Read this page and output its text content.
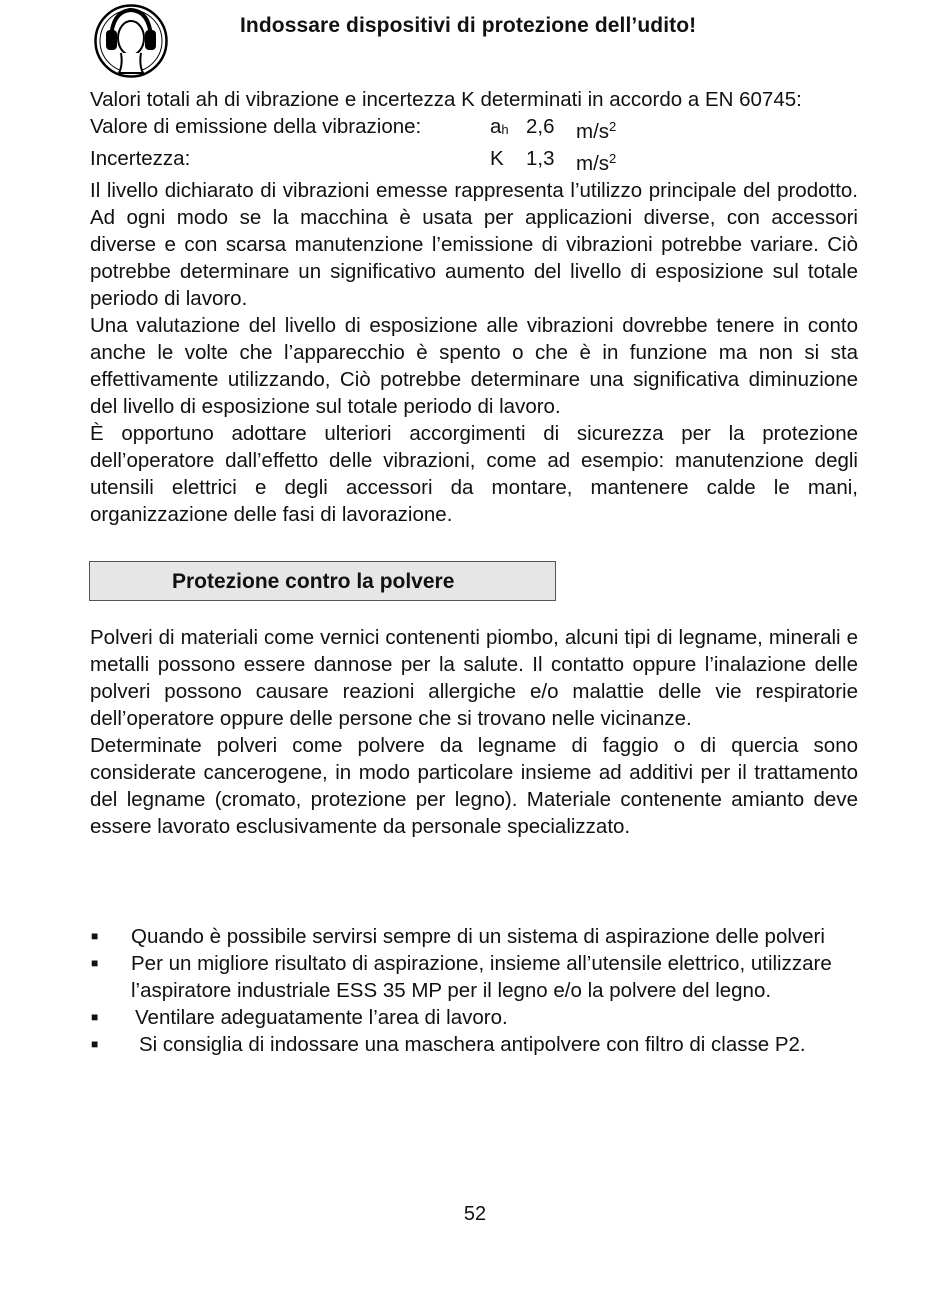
Indossare dispositivi di protezione dell’udito!

Valori totali ah di vibrazione e incertezza K determinati in accordo a EN 60745:

Valore di emissione della vibrazione:	$a_h$ 2,6	$m/s^2$
Incertezza:	K	1,3	$m/s^2$

Il livello dichiarato di vibrazioni emesse rappresenta l’utilizzo principale del prodotto. Ad ogni modo se la macchina è usata per applicazioni diverse, con accessori diverse e con scarsa manutenzione l’emissione di vibrazioni potrebbe variare. Ciò potrebbe determinare un significativo aumento del livello di esposizione sul totale periodo di lavoro.

Una valutazione del livello di esposizione alle vibrazioni dovrebbe tenere in conto anche le volte che l’apparecchio è spento o che è in funzione ma non si sta effettivamente utilizzando, Ciò potrebbe determinare una significativa diminuzione del livello di esposizione sul totale periodo di lavoro.

È opportuno adottare ulteriori accorgimenti di sicurezza per la protezione dell’operatore dall’effetto delle vibrazioni, come ad esempio: manutenzione degli utensili elettrici e degli accessori da montare, mantenere calde le mani, organizzazione delle fasi di lavorazione.

Protezione contro la polvere

Polveri di materiali come vernici contenenti piombo, alcuni tipi di legname, minerali e metalli possono essere dannose per la salute. Il contatto oppure l’inalazione delle polveri possono causare reazioni allergiche e/o malattie delle vie respiratorie dell’operatore oppure delle persone che si trovano nelle vicinanze.

Determinate polveri come polvere da legname di faggio o di quercia sono considerate cancerogene, in modo particolare insieme ad additivi per il trattamento del legname (cromato, protezione per legno). Materiale contenente amianto deve essere lavorato esclusivamente da personale specializzato.

■	Quando è possibile servirsi sempre di un sistema di aspirazione delle polveri
■	Per un migliore risultato di aspirazione, insieme all’utensile elettrico, utilizzare l’aspiratore industriale ESS 35 MP per il legno e/o la polvere del legno.
■	Ventilare adeguatamente l’area di lavoro.
■	Si consiglia di indossare una maschera antipolvere con filtro di classe P2.
52
